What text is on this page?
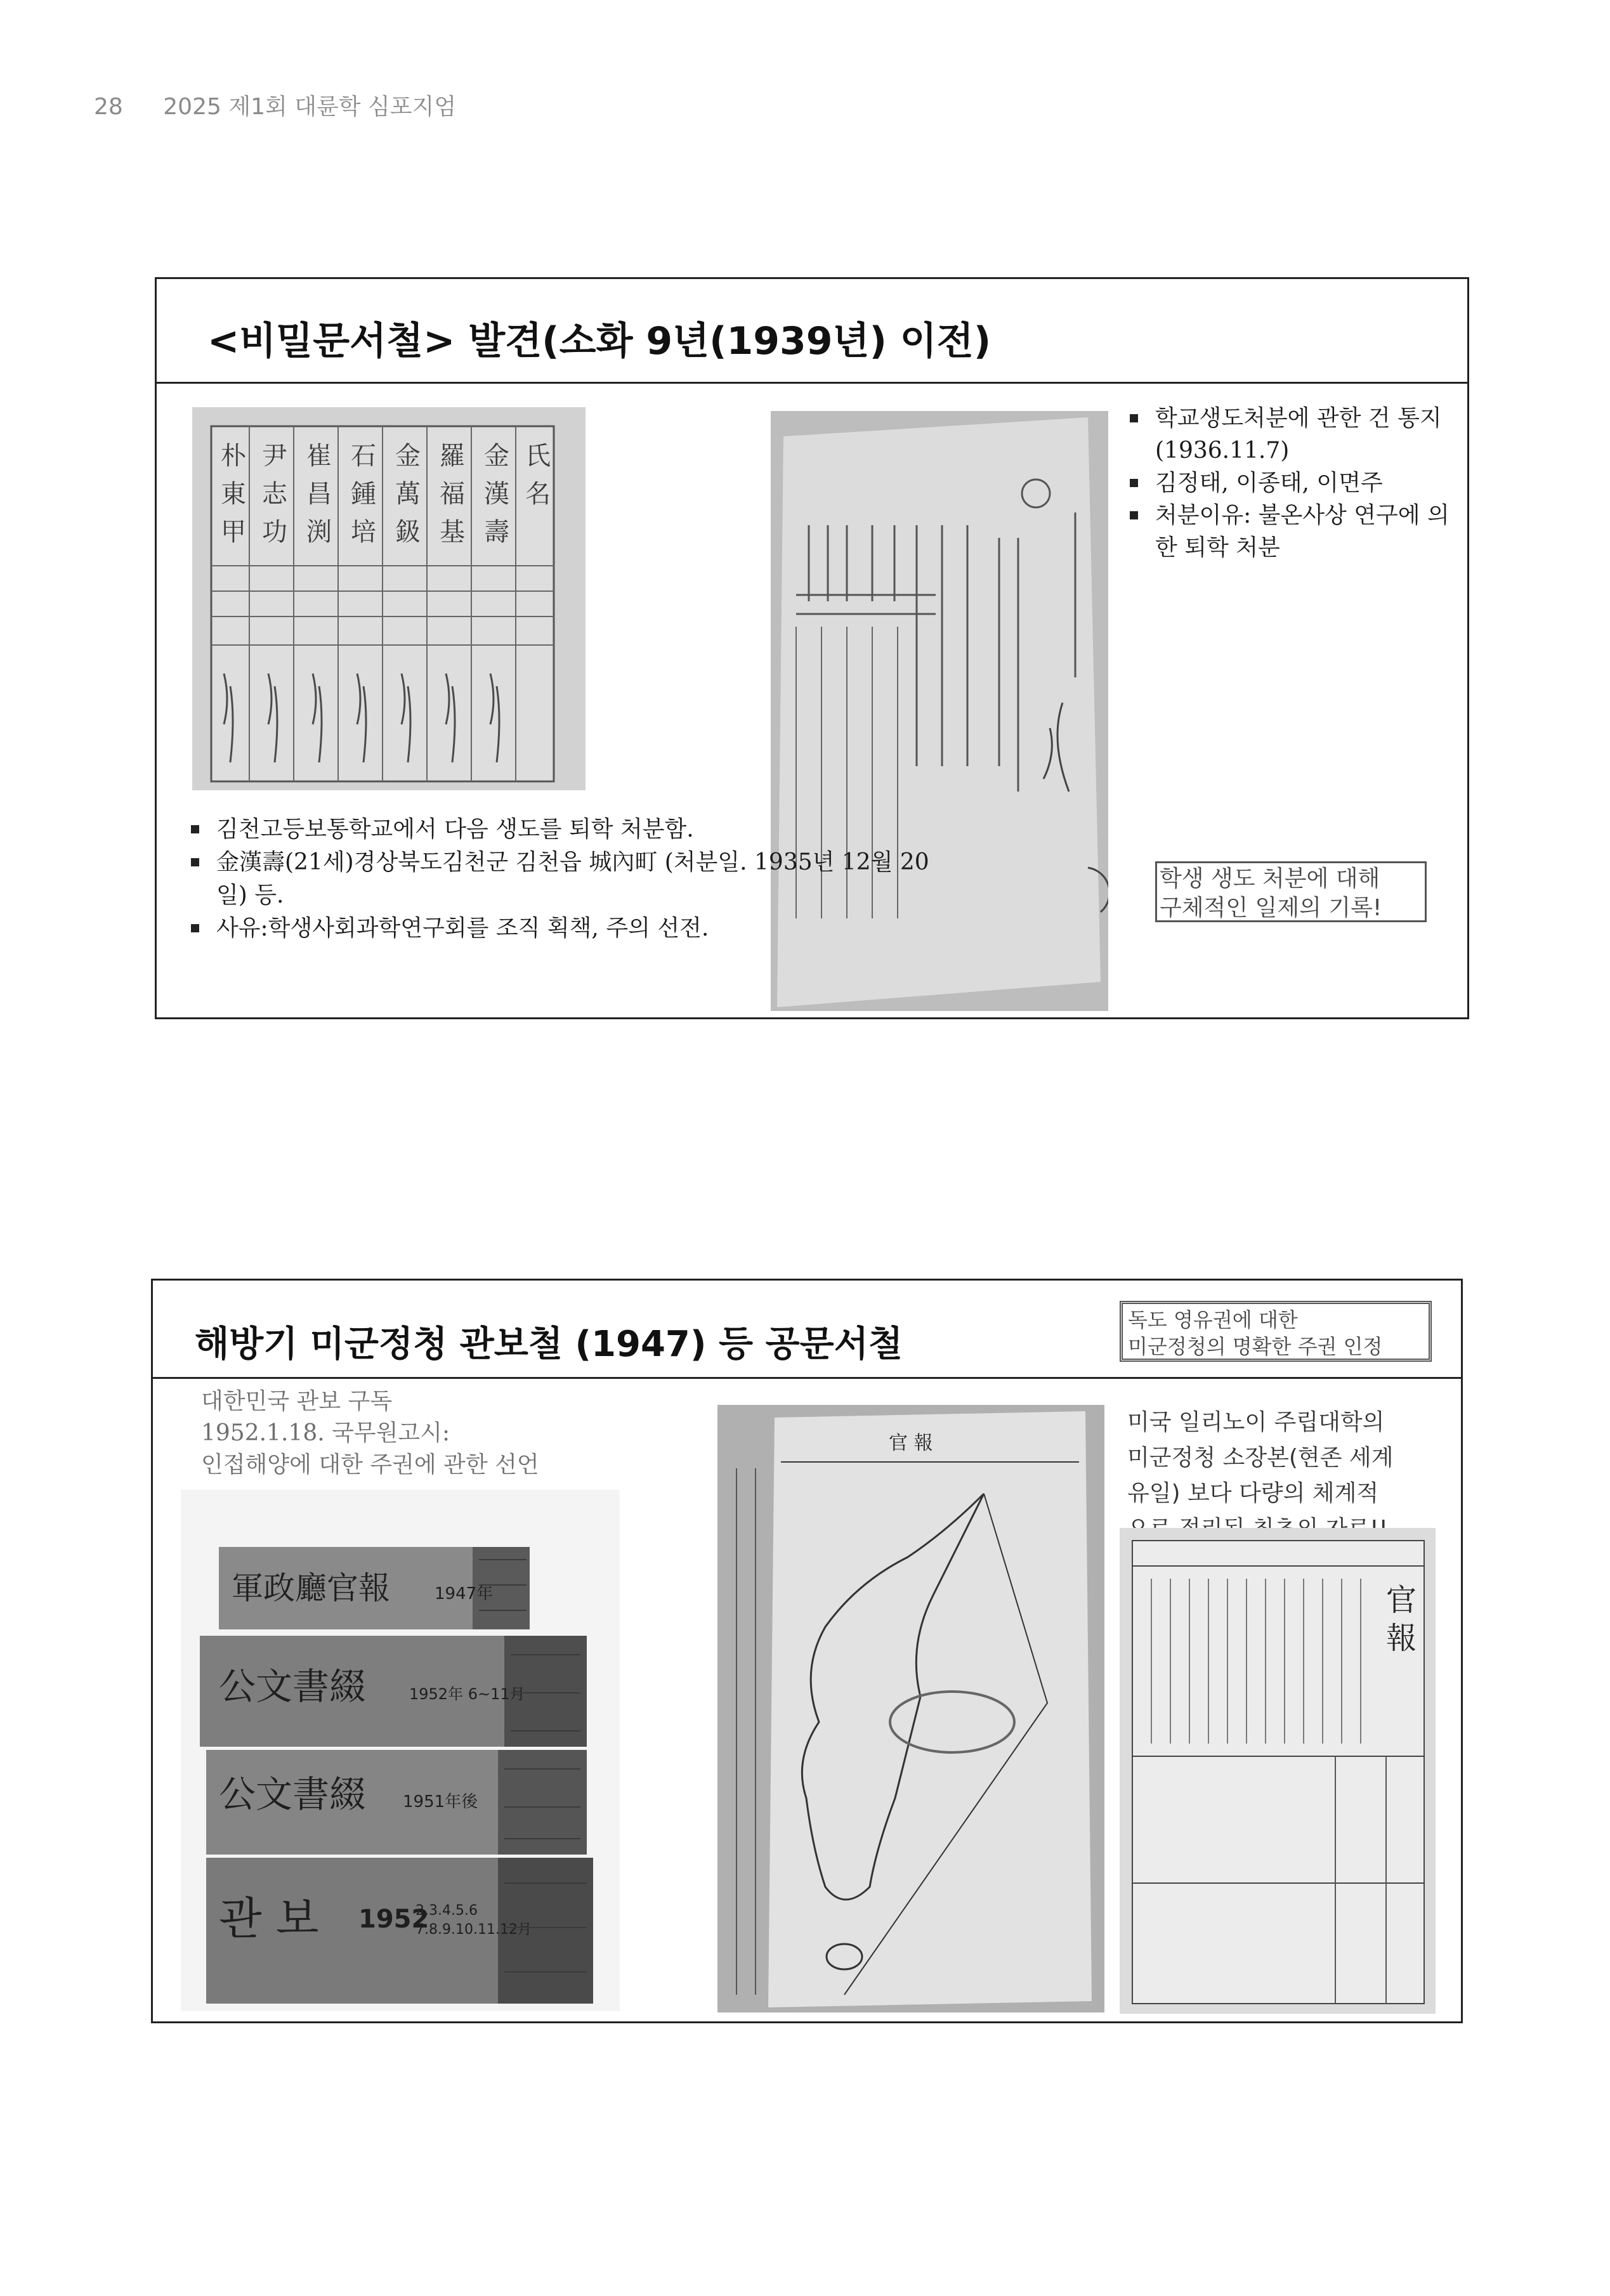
28 2025 제1회 대륜학 심포지엄
<비밀문서철> 발견(소화 9년(1939년) 이전)
朴
東
甲
尹
志
功
崔
昌
渕
石
鍾
培
金
萬
鈒
羅
福
基
金
漢
壽
氏
名
김천고등보통학교에서 다음 생도를 퇴학 처분함.
金漢壽(21세)경상북도김천군 김천읍 城內町 (처분일. 1935년 12월 20일) 등.
사유:학생사회과학연구회를 조직 획책, 주의 선전.
학교생도처분에 관한 건 통지(1936.11.7)
김정태, 이종태, 이면주
처분이유: 불온사상 연구에 의한 퇴학 처분
학생 생도 처분에 대해
구체적인 일제의 기록!
해방기 미군정청 관보철 (1947) 등 공문서철
독도 영유권에 대한
미군정청의 명확한 주권 인정
대한민국 관보 구독
1952.1.18. 국무원고시:
인접해양에 대한 주권에 관한 선언
軍政廳官報
公文書綴
公文書綴
관 보
1947年
1952年 6~11月
1951年後
1952
2.3.4.5.6
7.8.9.10.11.12月
官 報
미국 일리노이 주립대학의
미군정청 소장본(현존 세계
유일) 보다 다량의 체계적
官
報
